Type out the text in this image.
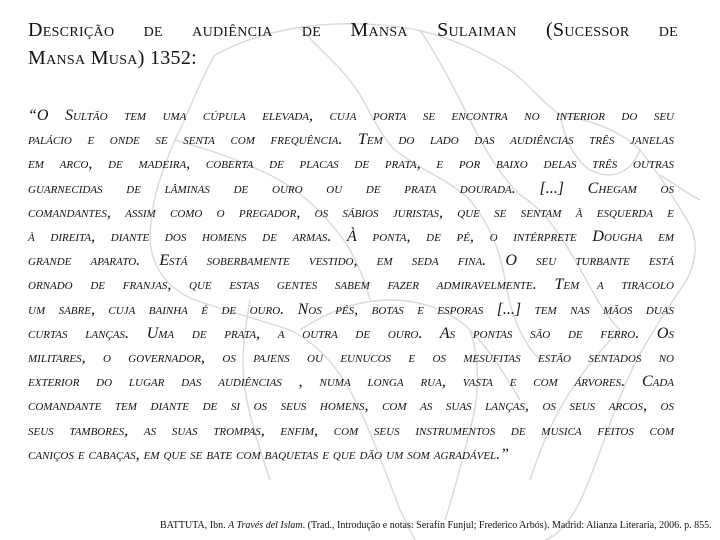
Descrição de audiência de Mansa Sulaiman (Sucessor de
Mansa Musa) 1352:
“O Sultão tem uma cúpula elevada, cuja porta se encontra no interior do seu
palácio e onde se senta com frequência. Tem do lado das audiências três janelas
em arco, de madeira, coberta de placas de prata, e por baixo delas três outras
guarnecidas de lâminas de ouro ou de prata dourada. [...] Chegam os
comandantes, assim como o pregador, os sábios juristas, que se sentam à esquerda e
à direita, diante dos homens de armas. À ponta, de pé, o intérprete Dougha em
grande aparato. Está soberbamente vestido, em seda fina. O seu turbante está
ornado de franjas, que estas gentes sabem fazer admiravelmente. Tem a tiracolo
um sabre, cuja bainha é de ouro. Nos pés, botas e esporas [...] tem nas mãos duas
curtas lanças. Uma de prata, a outra de ouro. As pontas são de ferro. Os
militares, o governador, os pajens ou eunucos e os mesufitas estão sentados no
exterior do lugar das audiências , numa longa rua, vasta e com árvores. Cada
comandante tem diante de si os seus homens, com as suas lanças, os seus arcos, os
seus tambores, as suas trompas, enfim, com seus instrumentos de musica feitos com
caniços e cabaças, em que se bate com baquetas e que dão um som agradável.”

BATTUTA, Ibn. A Través del Islam. (Trad., Introdução e notas: Serafín Funjul; Frederico Arbós). Madrid: Alianza Literaria, 2006. p. 855.
